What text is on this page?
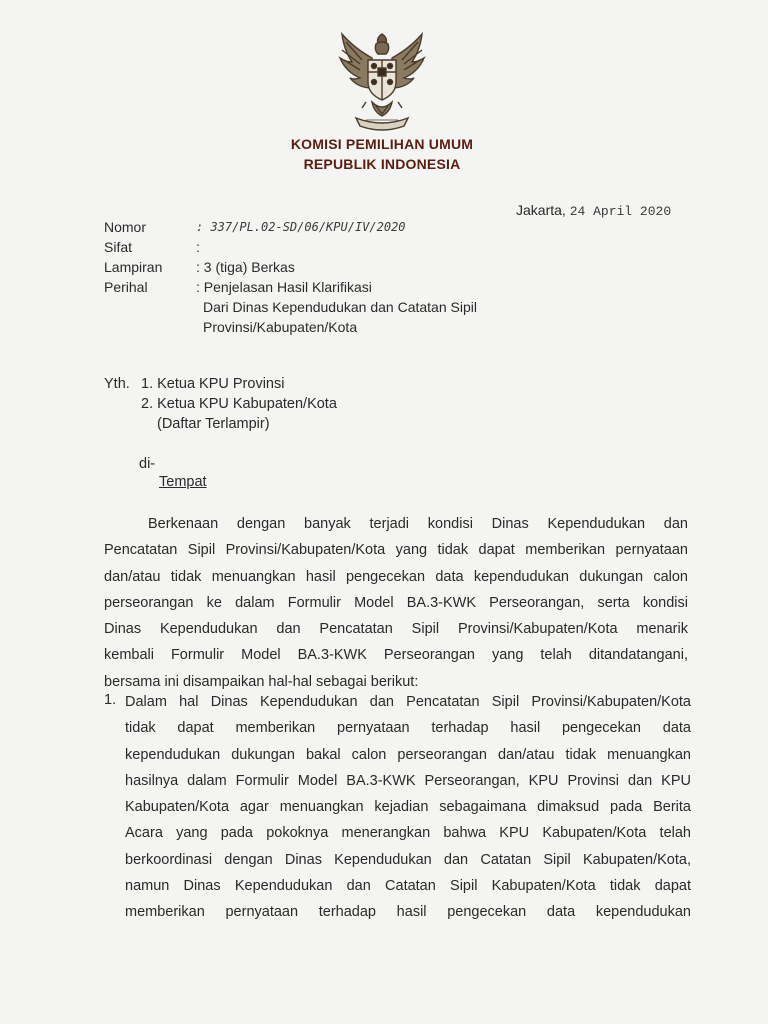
KOMISI PEMILIHAN UMUM
REPUBLIK INDONESIA
Jakarta, 24 April 2020
Nomor	: 337/PL.02-SD/06/KPU/IV/2020
Sifat	:
Lampiran : 3 (tiga) Berkas
Perihal	: Penjelasan Hasil Klarifikasi
Dari Dinas Kependudukan dan Catatan Sipil
Provinsi/Kabupaten/Kota
Yth. 1. Ketua KPU Provinsi
2. Ketua KPU Kabupaten/Kota
(Daftar Terlampir)
di-
Tempat
Berkenaan dengan banyak terjadi kondisi Dinas Kependudukan dan
Pencatatan Sipil Provinsi/Kabupaten/Kota yang tidak dapat memberikan pernyataan
dan/atau tidak menuangkan hasil pengecekan data kependudukan dukungan calon
perseorangan ke dalam Formulir Model BA.3-KWK Perseorangan, serta kondisi
Dinas Kependudukan dan Pencatatan Sipil Provinsi/Kabupaten/Kota menarik
kembali Formulir Model BA.3-KWK Perseorangan yang telah ditandatangani,
bersama ini disampaikan hal-hal sebagai berikut:
1. Dalam hal Dinas Kependudukan dan Pencatatan Sipil Provinsi/Kabupaten/Kota
tidak dapat memberikan pernyataan terhadap hasil pengecekan data
kependudukan dukungan bakal calon perseorangan dan/atau tidak menuangkan
hasilnya dalam Formulir Model BA.3-KWK Perseorangan, KPU Provinsi dan KPU
Kabupaten/Kota agar menuangkan kejadian sebagaimana dimaksud pada Berita
Acara yang pada pokoknya menerangkan bahwa KPU Kabupaten/Kota telah
berkoordinasi dengan Dinas Kependudukan dan Catatan Sipil Kabupaten/Kota,
namun Dinas Kependudukan dan Catatan Sipil Kabupaten/Kota tidak dapat
memberikan pernyataan terhadap hasil pengecekan data kependudukan
